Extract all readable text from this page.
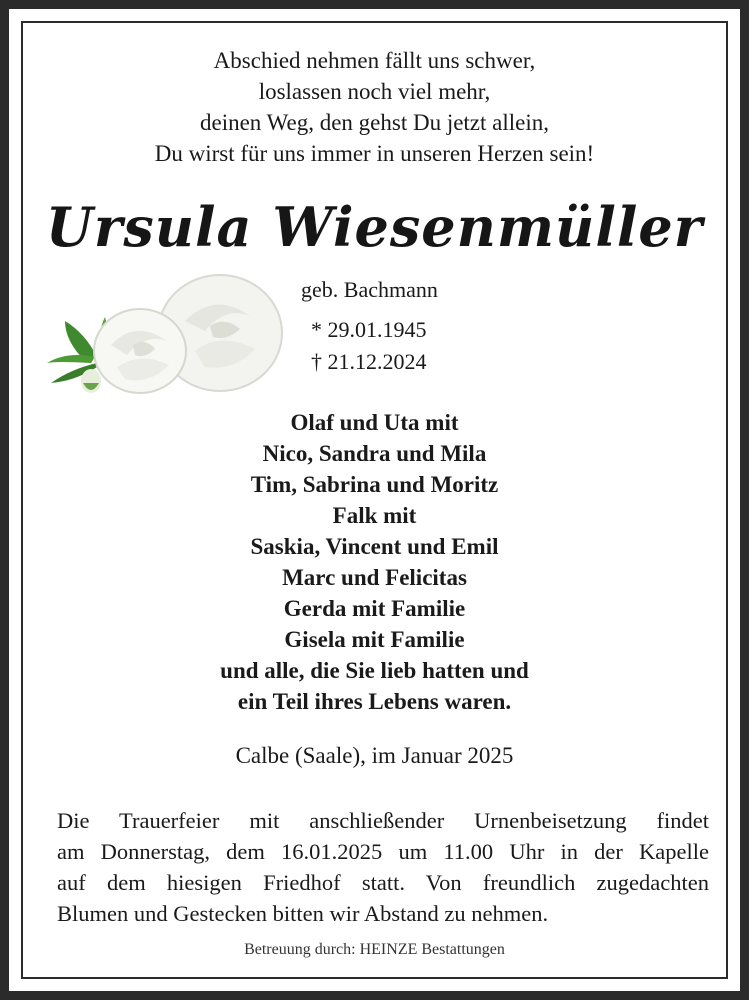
Abschied nehmen fällt uns schwer,
loslassen noch viel mehr,
deinen Weg, den gehst Du jetzt allein,
Du wirst für uns immer in unseren Herzen sein!
Ursula Wiesenmüller
geb. Bachmann
* 29.01.1945
† 21.12.2024
Olaf und Uta mit
Nico, Sandra und Mila
Tim, Sabrina und Moritz
Falk mit
Saskia, Vincent und Emil
Marc und Felicitas
Gerda mit Familie
Gisela mit Familie
und alle, die Sie lieb hatten und
ein Teil ihres Lebens waren.
Calbe (Saale), im Januar 2025
Die Trauerfeier mit anschließender Urnenbeisetzung findet
am Donnerstag, dem 16.01.2025 um 11.00 Uhr in der Kapelle
auf dem hiesigen Friedhof statt. Von freundlich zugedachten
Blumen und Gestecken bitten wir Abstand zu nehmen.
Betreuung durch: HEINZE Bestattungen
